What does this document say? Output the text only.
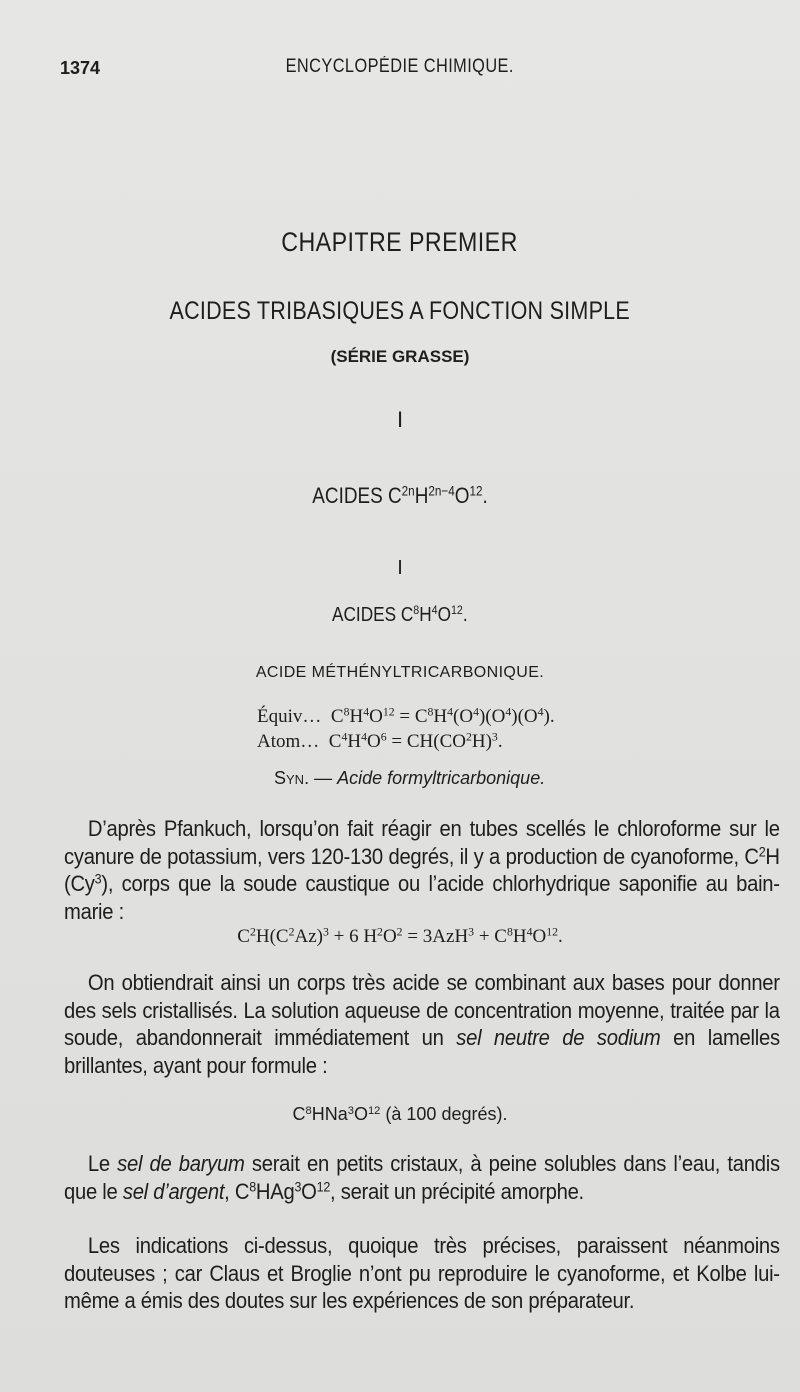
1374	ENCYCLOPÉDIE CHIMIQUE.
CHAPITRE PREMIER
ACIDES TRIBASIQUES A FONCTION SIMPLE
(SÉRIE GRASSE)
I
ACIDES $C^{2n}H^{2n-4}O^{12}$.
I
ACIDES $C^8H^4O^{12}$.
ACIDE MÉTHÉNYLTRICARBONIQUE.
Équiv… $C^8H^4O^{12} = C^8H^4(O^4)(O^4)(O^4)$.
Atom… $C^4H^4O^6 = CH(CO^2H)^3$.
Syn. — Acide formyltricarbonique.

D’après Pfankuch, lorsqu’on fait réagir en tubes scellés le chloroforme sur le cyanure de potassium, vers 120-130 degrés, il y a production de cyanoforme, $C^2H$ (Cy$^3$), corps que la soude caustique ou l’acide chlorhydrique saponifie au bain-marie :

$C^2H(C^2Az)^3 + 6$ $H^2O^2 = 3AzH^3 + C^8H^4O^{12}$.

On obtiendrait ainsi un corps très acide se combinant aux bases pour donner des sels cristallisés. La solution aqueuse de concentration moyenne, traitée par la soude, abandonnerait immédiatement un sel neutre de sodium en lamelles brillantes, ayant pour formule :

$C^8HNa^3O^{12}$ (à 100 degrés).

Le sel de baryum serait en petits cristaux, à peine solubles dans l’eau, tandis que le sel d’argent, $C^8HAg^3O^{12}$, serait un précipité amorphe.

Les indications ci-dessus, quoique très précises, paraissent néanmoins douteuses ; car Claus et Broglie n’ont pu reproduire le cyanoforme, et Kolbe lui-même a émis des doutes sur les expériences de son préparateur.
